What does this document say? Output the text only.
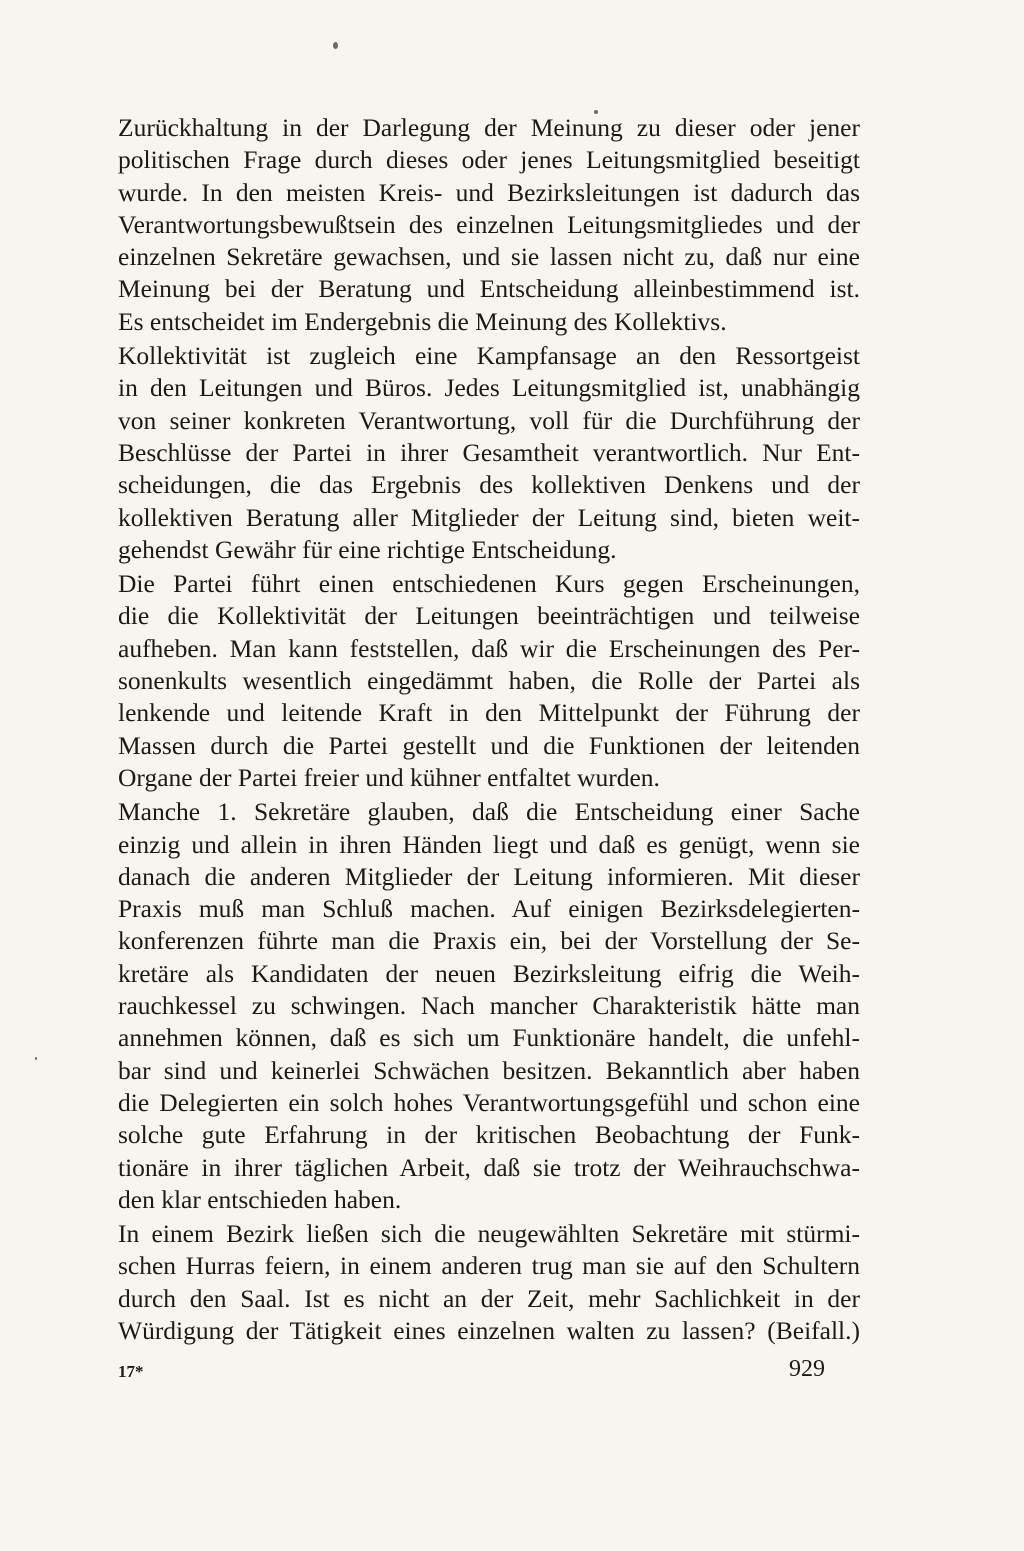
Zurückhaltung in der Darlegung der Meinung zu dieser oder jener
politischen Frage durch dieses oder jenes Leitungsmitglied beseitigt
wurde. In den meisten Kreis- und Bezirksleitungen ist dadurch das
Verantwortungsbewußtsein des einzelnen Leitungsmitgliedes und der
einzelnen Sekretäre gewachsen, und sie lassen nicht zu, daß nur eine
Meinung bei der Beratung und Entscheidung alleinbestimmend ist.
Es entscheidet im Endergebnis die Meinung des Kollektivs.
Kollektivität ist zugleich eine Kampfansage an den Ressortgeist
in den Leitungen und Büros. Jedes Leitungsmitglied ist, unabhängig
von seiner konkreten Verantwortung, voll für die Durchführung der
Beschlüsse der Partei in ihrer Gesamtheit verantwortlich. Nur Ent-
scheidungen, die das Ergebnis des kollektiven Denkens und der
kollektiven Beratung aller Mitglieder der Leitung sind, bieten weit-
gehendst Gewähr für eine richtige Entscheidung.
Die Partei führt einen entschiedenen Kurs gegen Erscheinungen,
die die Kollektivität der Leitungen beeinträchtigen und teilweise
aufheben. Man kann feststellen, daß wir die Erscheinungen des Per-
sonenkults wesentlich eingedämmt haben, die Rolle der Partei als
lenkende und leitende Kraft in den Mittelpunkt der Führung der
Massen durch die Partei gestellt und die Funktionen der leitenden
Organe der Partei freier und kühner entfaltet wurden.
Manche 1. Sekretäre glauben, daß die Entscheidung einer Sache
einzig und allein in ihren Händen liegt und daß es genügt, wenn sie
danach die anderen Mitglieder der Leitung informieren. Mit dieser
Praxis muß man Schluß machen. Auf einigen Bezirksdelegierten-
konferenzen führte man die Praxis ein, bei der Vorstellung der Se-
kretäre als Kandidaten der neuen Bezirksleitung eifrig die Weih-
rauchkessel zu schwingen. Nach mancher Charakteristik hätte man
annehmen können, daß es sich um Funktionäre handelt, die unfehl-
bar sind und keinerlei Schwächen besitzen. Bekanntlich aber haben
die Delegierten ein solch hohes Verantwortungsgefühl und schon eine
solche gute Erfahrung in der kritischen Beobachtung der Funk-
tionäre in ihrer täglichen Arbeit, daß sie trotz der Weihrauchschwa-
den klar entschieden haben.
In einem Bezirk ließen sich die neugewählten Sekretäre mit stürmi-
schen Hurras feiern, in einem anderen trug man sie auf den Schultern
durch den Saal. Ist es nicht an der Zeit, mehr Sachlichkeit in der
Würdigung der Tätigkeit eines einzelnen walten zu lassen? (Beifall.)
17*	929
